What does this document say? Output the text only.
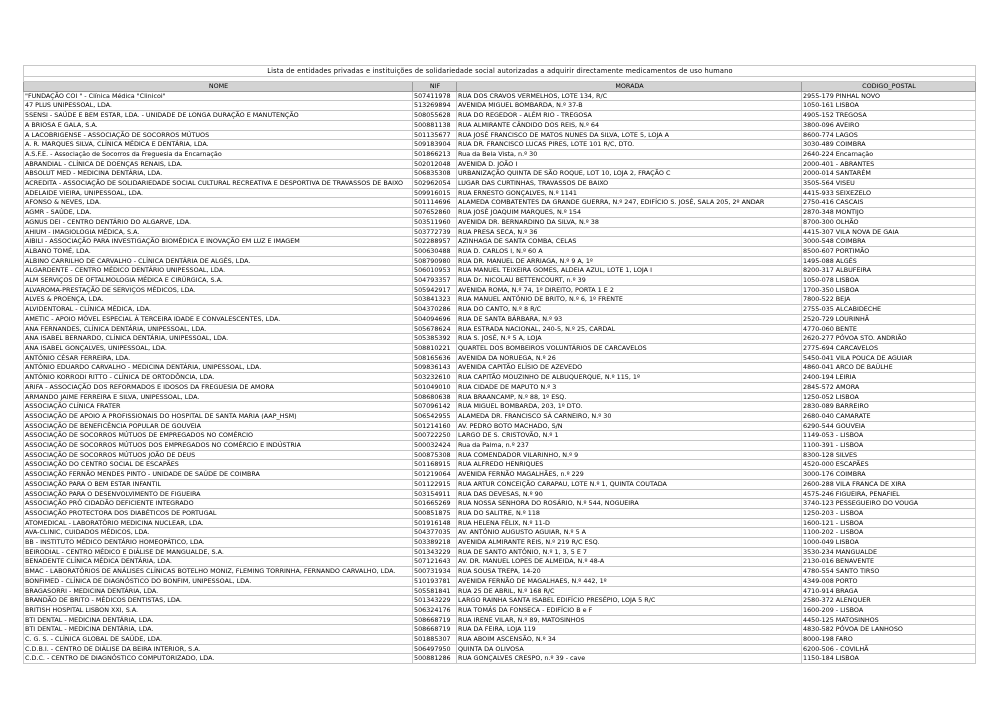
Lista de entidades privadas e instituições de solidariedade social autorizadas a adquirir directamente medicamentos de uso humano			

NOME	NIF	MORADA	CODIGO_POSTAL
"FUNDAÇÃO COI " - Clínica Médica "Clinicoi"	507411978	RUA DOS CRAVOS VERMELHOS, LOTE 134, R/C	2955-179 PINHAL NOVO
47 PLUS UNIPESSOAL, LDA.	513269894	AVENIDA MIGUEL BOMBARDA, N.º 37-B	1050-161 LISBOA
5SENSI - SAÚDE E BEM ESTAR, LDA. - UNIDADE DE LONGA DURAÇÃO E MANUTENÇÃO	508055628	RUA DO REGEDOR - ALÉM RIO - TREGOSA	4905-152 TREGOSA
A BRIOSA E GALA, S.A.	500881138	RUA ALMIRANTE CÂNDIDO DOS REIS, N.º 64	3800-096 AVEIRO
A LACOBRIGENSE - ASSOCIAÇÃO DE SOCORROS MÚTUOS	501135677	RUA JOSÉ FRANCISCO DE MATOS NUNES DA SILVA, LOTE 5, LOJA A	8600-774 LAGOS
A. R. MARQUES SILVA, CLÍNICA MÉDICA E DENTÁRIA, LDA.	509183904	RUA DR. FRANCISCO LUCAS PIRES, LOTE 101 R/C, DTO.	3030-489 COIMBRA
A.S.F.E. - Associação de Socorros da Freguesia da Encarnação	501866213	Rua da Bela Vista, n.º 30	2640-224 Encarnação
ABRANDIAL - CLÍNICA DE DOENÇAS RENAIS, LDA.	502012048	AVENIDA D. JOÃO I	2000-401 - ABRANTES
ABSOLUT MED - MEDICINA DENTÁRIA, LDA.	506835308	URBANIZAÇÃO QUINTA DE SÃO ROQUE, LOT 10, LOJA 2, FRAÇÃO C	2000-014 SANTARÉM
ACREDITA - ASSOCIAÇÃO DE SOLIDARIEDADE SOCIAL CULTURAL RECREATIVA E DESPORTIVA DE TRAVASSOS DE BAIXO	502962054	LUGAR DAS CURTINHAS, TRAVASSOS DE BAIXO	3505-564 VISEU
ADELAIDE VIEIRA, UNIPESSOAL, LDA.	509916015	RUA ERNESTO GONÇALVES, N.º 1141	4415-933 SEIXEZELO
AFONSO & NEVES, LDA.	501114696	ALAMEDA COMBATENTES DA GRANDE GUERRA, N.º 247, EDIFÍCIO S. JOSÉ, SALA 205, 2º ANDAR	2750-416 CASCAIS
AGMR - SAÚDE, LDA.	507652860	RUA JOSÉ JOAQUIM MARQUES, N.º 154	2870-348 MONTIJO
AGNUS DEI - CENTRO DENTÁRIO DO ALGARVE, LDA.	503511960	AVENIDA DR. BERNARDINO DA SILVA, N.º 38	8700-300 OLHÃO
AHIUM - IMAGIOLOGIA MÉDICA, S.A.	503772739	RUA PRESA SECA, N.º 36	4415-307 VILA NOVA DE GAIA
AIBILI - ASSOCIAÇÃO PARA INVESTIGAÇÃO BIOMÉDICA E INOVAÇÃO EM LUZ E IMAGEM	502288957	AZINHAGA DE SANTA COMBA, CELAS	3000-548 COIMBRA
ALBANO TOMÉ, LDA.	500630488	RUA D. CARLOS I, N.º 60 A	8500-607 PORTIMÃO
ALBINO CARRILHO DE CARVALHO - CLÍNICA DENTÁRIA DE ALGÉS, LDA.	508790980	RUA DR. MANUEL DE ARRIAGA, N.º 9 A, 1º	1495-088 ALGÉS
ALGARDENTE - CENTRO MÉDICO DENTÁRIO UNIPESSOAL, LDA.	506010953	RUA MANUEL TEIXEIRA GOMES, ALDEIA AZUL, LOTE 1, LOJA I	8200-317 ALBUFEIRA
ALM SERVIÇOS DE OFTALMOLOGIA MÉDICA E CIRÚRGICA, S.A.	504793357	RUA Dr. NICOLAU BETTENCOURT, n.º 39	1050-078 LISBOA
ALVAROMA-PRESTAÇÃO DE SERVIÇOS MÉDICOS, LDA.	505942917	AVENIDA ROMA, N.º 74, 1º DIREITO, PORTA 1 E 2	1700-350 LISBOA
ALVES & PROENÇA, LDA.	503841323	RUA MANUEL ANTÓNIO DE BRITO, N.º 6, 1º FRENTE	7800-522 BEJA
ALVIDENTORAL - CLÍNICA MÉDICA, LDA.	504370286	RUA DO CANTO, N.º 8 R/C	2755-035 ALCABIDECHE
AMETIC - APOIO MÓVEL ESPECIAL À TERCEIRA IDADE E CONVALESCENTES, LDA.	504094696	RUA DE SANTA BÁRBARA, N.º 93	2520-729 LOURINHÃ
ANA FERNANDES, CLÍNICA DENTÁRIA, UNIPESSOAL, LDA.	505678624	RUA ESTRADA NACIONAL, 240-5, N.º 25, CARDAL	4770-060 BENTE
ANA ISABEL BERNARDO, CLÍNICA DENTÁRIA, UNIPESSOAL, LDA.	505385392	RUA S. JOSÉ, N.º 5 A, LOJA	2620-277 PÓVOA STO. ANDRIÃO
ANA ISABEL GONÇALVES, UNIPESSOAL, LDA.	508810221	QUARTEL DOS BOMBEIROS VOLUNTÁRIOS DE CARCAVELOS	2775-694 CARCAVELOS
ANTÓNIO CÉSAR FERREIRA, LDA.	508165636	AVENIDA DA NORUEGA, N.º 26	5450-041 VILA POUCA DE AGUIAR
ANTÓNIO EDUARDO CARVALHO - MEDICINA DENTÁRIA, UNIPESSOAL, LDA.	509836143	AVENIDA CAPITÃO ELÍSIO DE AZEVEDO	4860-041 ARCO DE BAÚLHE
ANTÓNIO KORRODI RITTO - CLÍNICA DE ORTODÔNCIA, LDA.	503232610	RUA CAPITÃO MOUZINHO DE ALBUQUERQUE, N.º 115, 1º	2400-194 LEIRIA
ARIFA - ASSOCIAÇÃO DOS REFORMADOS E IDOSOS DA FREGUESIA DE AMORA	501049010	RUA CIDADE DE MAPUTO N.º 3	2845-572 AMORA
ARMANDO JAIME FERREIRA E SILVA, UNIPESSOAL, LDA.	508680638	RUA BRAANCAMP, N.º 88, 1º ESQ.	1250-052 LISBOA
ASSOCIAÇÃO CLÍNICA FRATER	507096142	RUA MIGUEL BOMBARDA, 203, 1º DTO.	2830-089 BARREIRO
ASSOCIAÇÃO DE APOIO A PROFISSIONAIS DO HOSPITAL DE SANTA MARIA (AAP_HSM)	506542955	ALAMEDA DR. FRANCISCO SÁ CARNEIRO, N.º 30	2680-040 CAMARATE
ASSOCIAÇÃO DE BENEFICÊNCIA POPULAR DE GOUVEIA	501214160	AV. PEDRO BOTO MACHADO, S/N	6290-544 GOUVEIA
ASSOCIAÇÃO DE SOCORROS MÚTUOS DE EMPREGADOS NO COMÉRCIO	500722250	LARGO DE S. CRISTOVÃO, N.º 1	1149-053 - LISBOA
ASSOCIAÇÃO DE SOCORROS MÚTUOS DOS EMPREGADOS NO COMÉRCIO E INDÚSTRIA	500032424	Rua da Palma, n.º 237	1100-391 - LISBOA
ASSOCIAÇÃO DE SOCORROS MÚTUOS JOÃO DE DEUS	500875308	RUA COMENDADOR VILARINHO, N.º 9	8300-128 SILVES
ASSOCIAÇÃO DO CENTRO SOCIAL DE ESCAPÃES	501168915	RUA ALFREDO HENRIQUES	4520-000 ESCAPÃES
ASSOCIAÇÃO FERNÃO MENDES PINTO - UNIDADE DE SAÚDE DE COIMBRA	501219064	AVENIDA FERNÃO MAGALHÃES, n.º 229	3000-176 COIMBRA
ASSOCIAÇÃO PARA O BEM ESTAR INFANTIL	501122915	RUA ARTUR CONCEIÇÃO CARAPAU, LOTE N.º 1, QUINTA COUTADA	2600-288 VILA FRANCA DE XIRA
ASSOCIAÇÃO PARA O DESENVOLVIMENTO DE FIGUEIRA	503154911	RUA DAS DEVESAS, N.º 90	4575-246 FIGUEIRA, PENAFIEL
ASSOCIAÇÃO PRÓ CIDADÃO DEFICIENTE INTEGRADO	501665269	RUA NOSSA SENHORA DO ROSÁRIO, N.º 544, NOGUEIRA	3740-123 PESSEGUEIRO DO VOUGA
ASSOCIAÇÃO PROTECTORA DOS DIABÉTICOS DE PORTUGAL	500851875	RUA DO SALITRE, N.º 118	1250-203 - LISBOA
ATOMEDICAL - LABORATÓRIO MEDICINA NUCLEAR, LDA.	501916148	RUA HELENA FÉLIX, N.º 11-D	1600-121 - LISBOA
AVA-CLINIC, CUIDADOS MÉDICOS, LDA.	504377035	AV. ANTÓNIO AUGUSTO AGUIAR, N.º 5 A	1100-202 - LISBOA
BB - INSTITUTO MÉDICO DENTÁRIO HOMEOPÁTICO, LDA.	503389218	AVENIDA ALMIRANTE REIS, N.º 219 R/C ESQ.	1000-049 LISBOA
BEIRODIAL - CENTRO MÉDICO E DIÁLISE DE MANGUALDE, S.A.	501343229	RUA DE SANTO ANTÓNIO, N.º 1, 3, 5 E 7	3530-234 MANGUALDE
BENADENTE CLÍNICA MÉDICA DENTÁRIA, LDA.	507121643	AV. DR. MANUEL LOPES DE ALMEIDA, N.º 48-A	2130-016 BENAVENTE
BMAC - LABORATÓRIOS DE ANÁLISES CLÍNICAS BOTELHO MONIZ, FLEMING TORRINHA, FERNANDO CARVALHO, LDA.	500731934	RUA SOUSA TREPA, 14-20	4780-554 SANTO TIRSO
BONFIMED - CLÍNICA DE DIAGNÓSTICO DO BONFIM, UNIPESSOAL, LDA.	510193781	AVENIDA FERNÃO DE MAGALHAES, N.º 442, 1º	4349-008 PORTO
BRAGASORRI - MEDICINA DENTÁRIA, LDA.	505581841	RUA 25 DE ABRIL, N.º 168 R/C	4710-914 BRAGA
BRANDÃO DE BRITO - MÉDICOS DENTISTAS, LDA.	501343229	LARGO RAINHA SANTA ISABEL EDIFÍCIO PRESÉPIO, LOJA 5 R/C	2580-372 ALENQUER
BRITISH HOSPITAL LISBON XXI, S.A.	506324176	RUA TOMÁS DA FONSECA - EDIFÍCIO B e F	1600-209 - LISBOA
BTI DENTAL - MEDICINA DENTÁRIA, LDA.	508668719	RUA IRENE VILAR, N.º 89, MATOSINHOS	4450-125 MATOSINHOS
BTI DENTAL - MEDICINA DENTÁRIA, LDA.	508668719	RUA DA FEIRA, LOJA 119	4830-582 PÓVOA DE LANHOSO
C. G. S. - CLÍNICA GLOBAL DE SAÚDE, LDA.	501885307	RUA ABOIM ASCENSÃO, N.º 34	8000-198 FARO
C.D.B.I. - CENTRO DE DIÁLISE DA BEIRA INTERIOR, S.A.	506497950	QUINTA DA OLIVOSA	6200-506 - COVILHÃ
C.D.C. - CENTRO DE DIAGNÓSTICO COMPUTORIZADO, LDA.	500881286	RUA GONÇALVES CRESPO, n.º 39 - cave	1150-184 LISBOA
